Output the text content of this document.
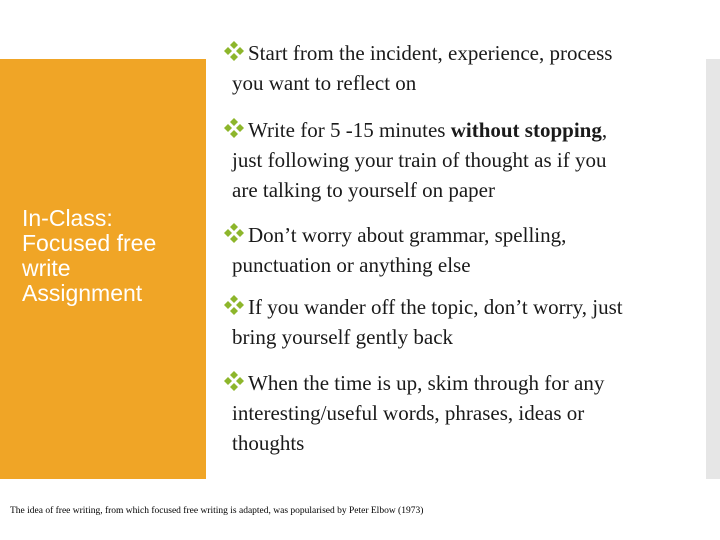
In-Class:
Focused free
write
Assignment
Start from the incident, experience, process
you want to reflect on
Write for 5 -15 minutes without stopping,
just following your train of thought as if you
are talking to yourself on paper
Don’t worry about grammar, spelling,
punctuation or anything else
If you wander off the topic, don’t worry, just
bring yourself gently back
When the time is up, skim through for any
interesting/useful words, phrases, ideas or
thoughts
The idea of free writing, from which focused free writing is adapted, was popularised by Peter Elbow (1973)
